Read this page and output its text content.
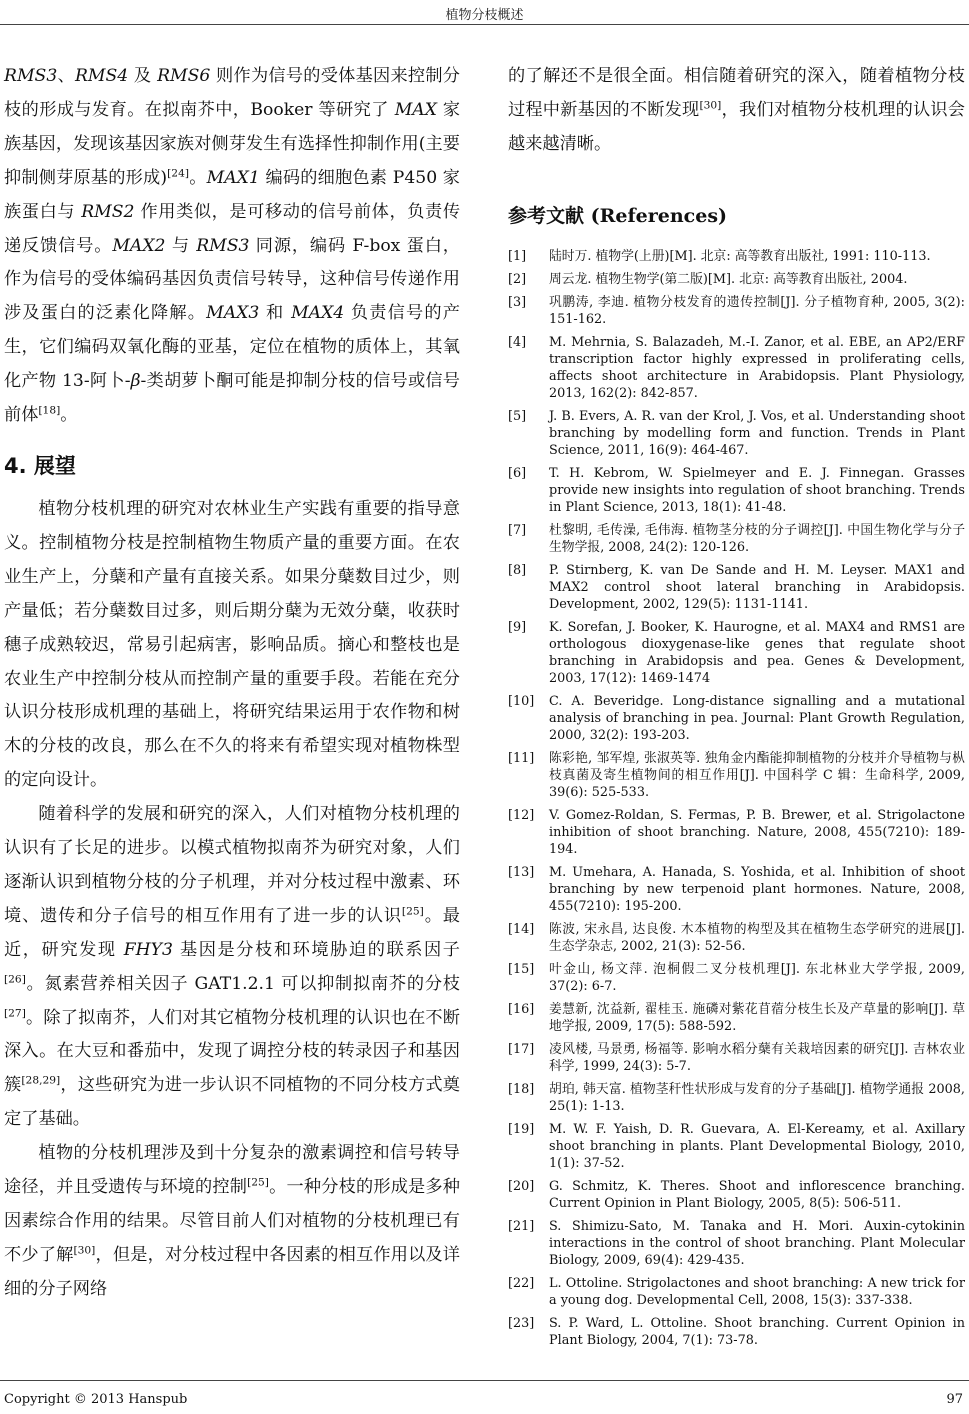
植物分枝概述

RMS3、RMS4 及 RMS6 则作为信号的受体基因来控制分枝的形成与发育。在拟南芥中，Booker 等研究了 MAX 家族基因，发现该基因家族对侧芽发生有选择性抑制作用(主要抑制侧芽原基的形成)[24]。MAX1 编码的细胞色素 P450 家族蛋白与 RMS2 作用类似，是可移动的信号前体，负责传递反馈信号。MAX2 与 RMS3 同源，编码 F-box 蛋白，作为信号的受体编码基因负责信号转导，这种信号传递作用涉及蛋白的泛素化降解。MAX3 和 MAX4 负责信号的产生，它们编码双氧化酶的亚基，定位在植物的质体上，其氧化产物 13-阿卜-β-类胡萝卜酮可能是抑制分枝的信号或信号前体[18]。

4. 展望

植物分枝机理的研究对农林业生产实践有重要的指导意义。控制植物分枝是控制植物生物质产量的重要方面。在农业生产上，分蘖和产量有直接关系。如果分蘖数目过少，则产量低；若分蘖数目过多，则后期分蘖为无效分蘖，收获时穗子成熟较迟，常易引起病害，影响品质。摘心和整枝也是农业生产中控制分枝从而控制产量的重要手段。若能在充分认识分枝形成机理的基础上，将研究结果运用于农作物和树木的分枝的改良，那么在不久的将来有希望实现对植物株型的定向设计。

随着科学的发展和研究的深入，人们对植物分枝机理的认识有了长足的进步。以模式植物拟南芥为研究对象，人们逐渐认识到植物分枝的分子机理，并对分枝过程中激素、环境、遗传和分子信号的相互作用有了进一步的认识[25]。最近，研究发现 FHY3 基因是分枝和环境胁迫的联系因子[26]。氮素营养相关因子 GAT1.2.1 可以抑制拟南芥的分枝[27]。除了拟南芥，人们对其它植物分枝机理的认识也在不断深入。在大豆和番茄中，发现了调控分枝的转录因子和基因簇[28,29]，这些研究为进一步认识不同植物的不同分枝方式奠定了基础。

植物的分枝机理涉及到十分复杂的激素调控和信号转导途径，并且受遗传与环境的控制[25]。一种分枝的形成是多种因素综合作用的结果。尽管目前人们对植物的分枝机理已有不少了解[30]，但是，对分枝过程中各因素的相互作用以及详细的分子网络

的了解还不是很全面。相信随着研究的深入，随着植物分枝过程中新基因的不断发现[30]，我们对植物分枝机理的认识会越来越清晰。

参考文献 (References)
[1]	陆时万. 植物学(上册)[M]. 北京: 高等教育出版社, 1991: 110-113.
[2]	周云龙. 植物生物学(第二版)[M]. 北京: 高等教育出版社, 2004.
[3]	巩鹏涛, 李迪. 植物分枝发育的遗传控制[J]. 分子植物育种, 2005, 3(2): 151-162.
[4]	M. Mehrnia, S. Balazadeh, M.-I. Zanor, et al. EBE, an AP2/ERF transcription factor highly expressed in proliferating cells, affects shoot architecture in Arabidopsis. Plant Physiology, 2013, 162(2): 842-857.
[5]	J. B. Evers, A. R. van der Krol, J. Vos, et al. Understanding shoot branching by modelling form and function. Trends in Plant Science, 2011, 16(9): 464-467.
[6]	T. H. Kebrom, W. Spielmeyer and E. J. Finnegan. Grasses provide new insights into regulation of shoot branching. Trends in Plant Science, 2013, 18(1): 41-48.
[7]	杜黎明, 毛传澡, 毛伟海. 植物茎分枝的分子调控[J]. 中国生物化学与分子生物学报, 2008, 24(2): 120-126.
[8]	P. Stirnberg, K. van De Sande and H. M. Leyser. MAX1 and MAX2 control shoot lateral branching in Arabidopsis. Development, 2002, 129(5): 1131-1141.
[9]	K. Sorefan, J. Booker, K. Haurogne, et al. MAX4 and RMS1 are orthologous dioxygenase-like genes that regulate shoot branching in Arabidopsis and pea. Genes & Development, 2003, 17(12): 1469-1474
[10]	C. A. Beveridge. Long-distance signalling and a mutational analysis of branching in pea. Journal: Plant Growth Regulation, 2000, 32(2): 193-203.
[11]	陈彩艳, 邹军煌, 张淑英等. 独角金内酯能抑制植物的分枝并介导植物与枞枝真菌及寄生植物间的相互作用[J]. 中国科学 C 辑：生命科学, 2009, 39(6): 525-533.
[12]	V. Gomez-Roldan, S. Fermas, P. B. Brewer, et al. Strigolactone inhibition of shoot branching. Nature, 2008, 455(7210): 189-194.
[13]	M. Umehara, A. Hanada, S. Yoshida, et al. Inhibition of shoot branching by new terpenoid plant hormones. Nature, 2008, 455(7210): 195-200.
[14]	陈波, 宋永昌, 达良俊. 木本植物的构型及其在植物生态学研究的进展[J]. 生态学杂志, 2002, 21(3): 52-56.
[15]	叶金山, 杨文萍. 泡桐假二叉分枝机理[J]. 东北林业大学学报, 2009, 37(2): 6-7.
[16]	姜慧新, 沈益新, 翟桂玉. 施磷对紫花苜蓿分枝生长及产草量的影响[J]. 草地学报, 2009, 17(5): 588-592.
[17]	凌风楼, 马景勇, 杨福等. 影响水稻分蘖有关栽培因素的研究[J]. 吉林农业科学, 1999, 24(3): 5-7.
[18]	胡珀, 韩天富. 植物茎秆性状形成与发育的分子基础[J]. 植物学通报 2008, 25(1): 1-13.
[19]	M. W. F. Yaish, D. R. Guevara, A. El-Kereamy, et al. Axillary shoot branching in plants. Plant Developmental Biology, 2010, 1(1): 37-52.
[20]	G. Schmitz, K. Theres. Shoot and inflorescence branching. Current Opinion in Plant Biology, 2005, 8(5): 506-511.
[21]	S. Shimizu-Sato, M. Tanaka and H. Mori. Auxin-cytokinin interactions in the control of shoot branching. Plant Molecular Biology, 2009, 69(4): 429-435.
[22]	L. Ottoline. Strigolactones and shoot branching: A new trick for a young dog. Developmental Cell, 2008, 15(3): 337-338.
[23]	S. P. Ward, L. Ottoline. Shoot branching. Current Opinion in Plant Biology, 2004, 7(1): 73-78.
Copyright © 2013 Hanspub	97
